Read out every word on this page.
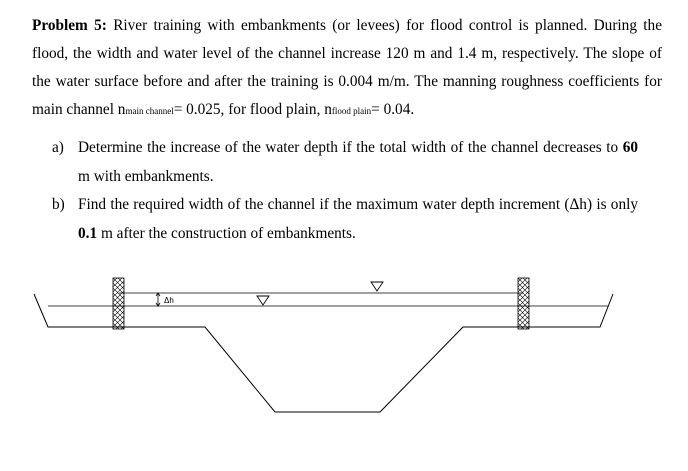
Problem 5: River training with embankments (or levees) for flood control is planned. During the flood, the width and water level of the channel increase 120 m and 1.4 m, respectively. The slope of the water surface before and after the training is 0.004 m/m. The manning roughness coefficients for main channel nmain channel= 0.025, for flood plain, nflood plain= 0.04.
a) Determine the increase of the water depth if the total width of the channel decreases to 60 m with embankments.
b) Find the required width of the channel if the maximum water depth increment (Δh) is only 0.1 m after the construction of embankments.
Δh
